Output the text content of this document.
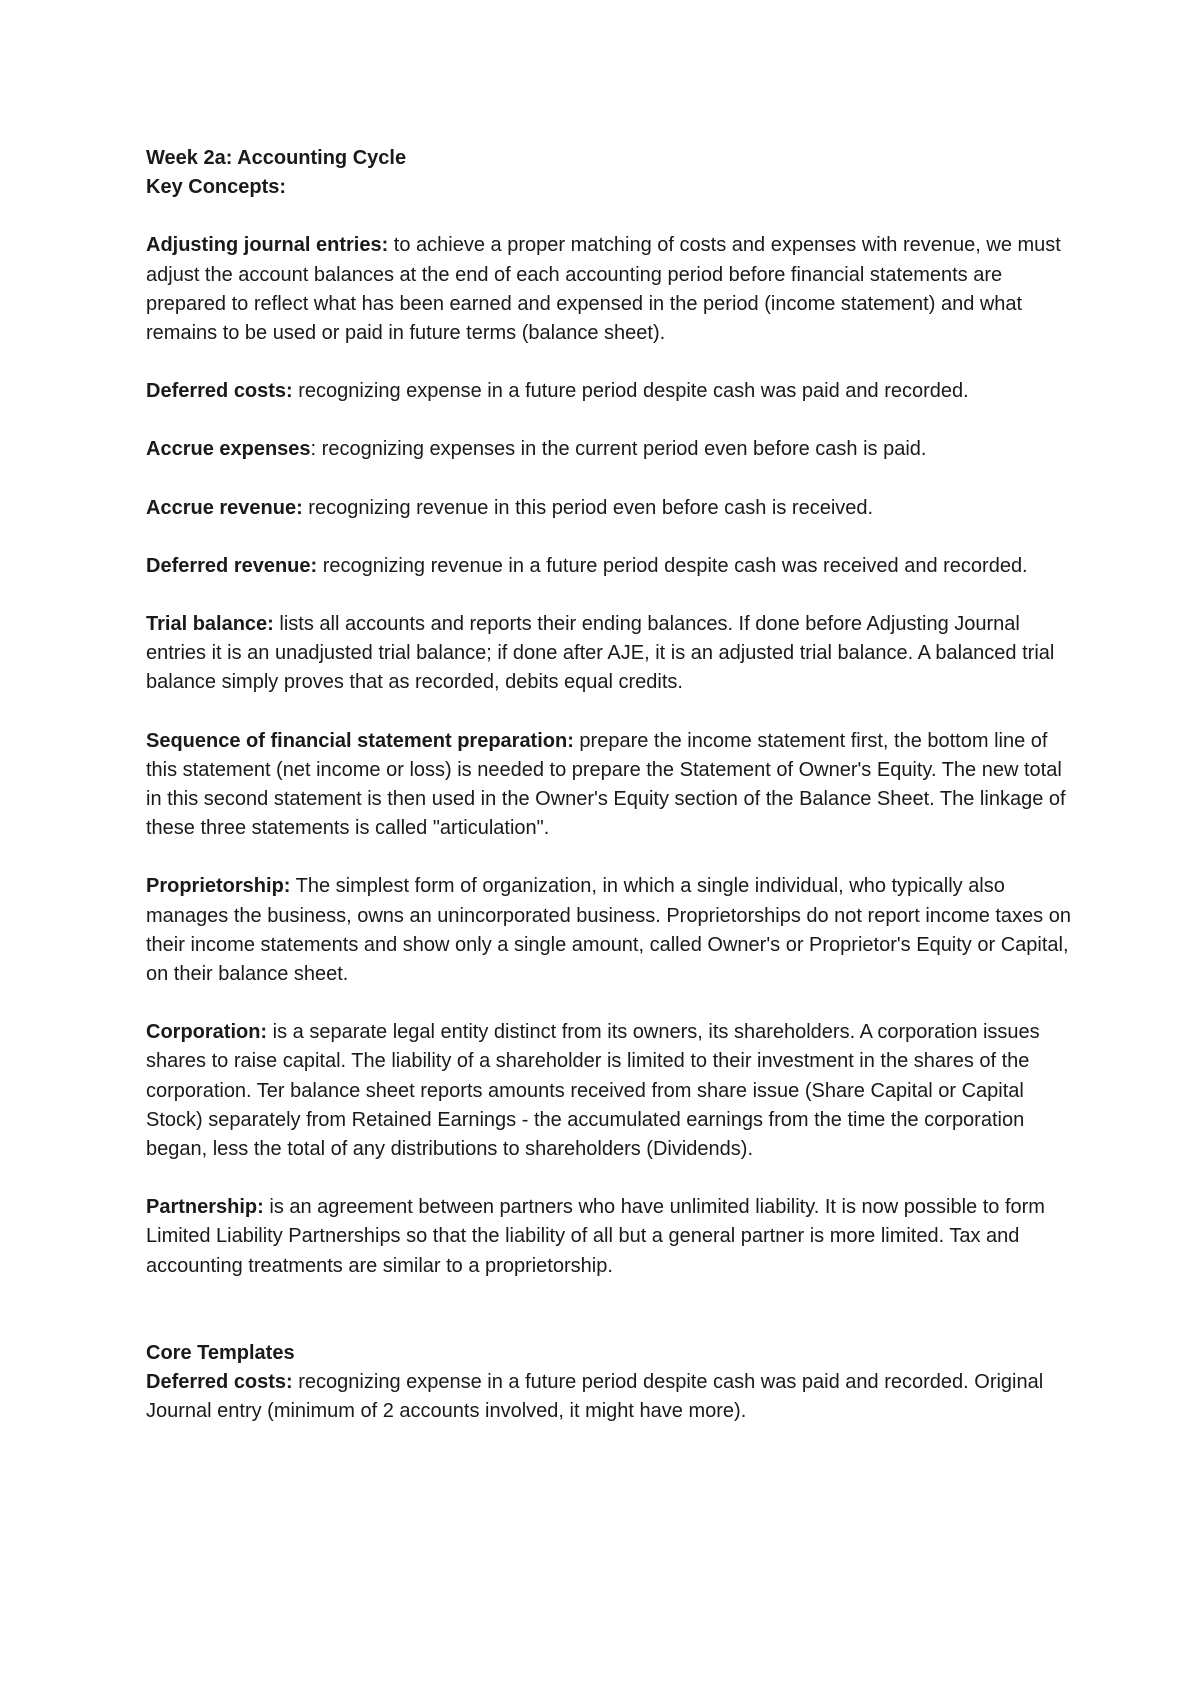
Week 2a: Accounting Cycle

Key Concepts:

Adjusting journal entries: to achieve a proper matching of costs and expenses with revenue, we must adjust the account balances at the end of each accounting period before financial statements are prepared to reflect what has been earned and expensed in the period (income statement) and what remains to be used or paid in future terms (balance sheet).

Deferred costs: recognizing expense in a future period despite cash was paid and recorded.

Accrue expenses: recognizing expenses in the current period even before cash is paid.

Accrue revenue: recognizing revenue in this period even before cash is received.

Deferred revenue: recognizing revenue in a future period despite cash was received and recorded.

Trial balance: lists all accounts and reports their ending balances. If done before Adjusting Journal entries it is an unadjusted trial balance; if done after AJE, it is an adjusted trial balance. A balanced trial balance simply proves that as recorded, debits equal credits.

Sequence of financial statement preparation: prepare the income statement first, the bottom line of this statement (net income or loss) is needed to prepare the Statement of Owner's Equity. The new total in this second statement is then used in the Owner's Equity section of the Balance Sheet. The linkage of these three statements is called "articulation".

Proprietorship: The simplest form of organization, in which a single individual, who typically also manages the business, owns an unincorporated business. Proprietorships do not report income taxes on their income statements and show only a single amount, called Owner's or Proprietor's Equity or Capital, on their balance sheet.

Corporation: is a separate legal entity distinct from its owners, its shareholders. A corporation issues shares to raise capital. The liability of a shareholder is limited to their investment in the shares of the corporation. Ter balance sheet reports amounts received from share issue (Share Capital or Capital Stock) separately from Retained Earnings - the accumulated earnings from the time the corporation began, less the total of any distributions to shareholders (Dividends).

Partnership: is an agreement between partners who have unlimited liability. It is now possible to form Limited Liability Partnerships so that the liability of all but a general partner is more limited. Tax and accounting treatments are similar to a proprietorship.

Core Templates

Deferred costs: recognizing expense in a future period despite cash was paid and recorded. Original Journal entry (minimum of 2 accounts involved, it might have more).
